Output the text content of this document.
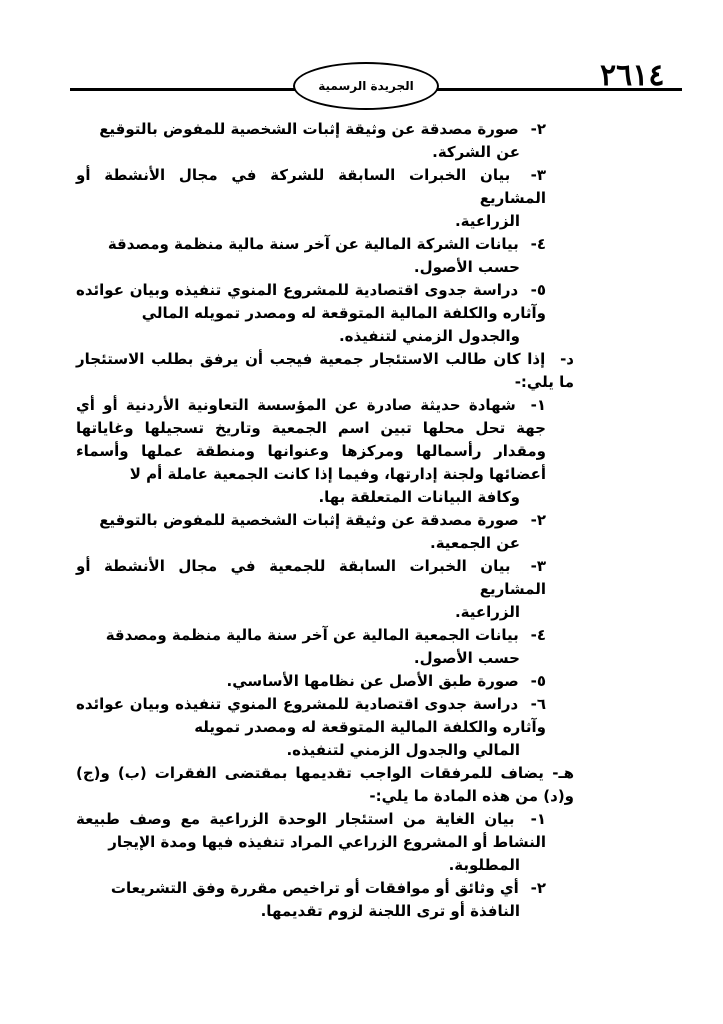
٢٦١٤
الجريدة الرسمية
٢- صورة مصدقة عن وثيقة إثبات الشخصية للمفوض بالتوقيع
عن الشركة.
٣- بيان الخبرات السابقة للشركة في مجال الأنشطة أو المشاريع
الزراعية.
٤- بيانات الشركة المالية عن آخر سنة مالية منظمة ومصدقة
حسب الأصول.
٥- دراسة جدوى اقتصادية للمشروع المنوي تنفيذه وبيان عوائده وآثاره والكلفة المالية المتوقعة له ومصدر تمويله المالي
والجدول الزمني لتنفيذه.
د- إذا كان طالب الاستئجار جمعية فيجب أن يرفق بطلب الاستئجار ما يلي:-
١- شهادة حديثة صادرة عن المؤسسة التعاونية الأردنية أو أي جهة تحل محلها تبين اسم الجمعية وتاريخ تسجيلها وغاياتها ومقدار رأسمالها ومركزها وعنوانها ومنطقة عملها وأسماء أعضائها ولجنة إدارتها، وفيما إذا كانت الجمعية عاملة أم لا
وكافة البيانات المتعلقة بها.
٢- صورة مصدقة عن وثيقة إثبات الشخصية للمفوض بالتوقيع
عن الجمعية.
٣- بيان الخبرات السابقة للجمعية في مجال الأنشطة أو المشاريع
الزراعية.
٤- بيانات الجمعية المالية عن آخر سنة مالية منظمة ومصدقة
حسب الأصول.
٥- صورة طبق الأصل عن نظامها الأساسي.
٦- دراسة جدوى اقتصادية للمشروع المنوي تنفيذه وبيان عوائده وآثاره والكلفة المالية المتوقعة له ومصدر تمويله
المالي والجدول الزمني لتنفيذه.
هـ- يضاف للمرفقات الواجب تقديمها بمقتضى الفقرات (ب) و(ج) و(د) من هذه المادة ما يلي:-
١- بيان الغاية من استئجار الوحدة الزراعية مع وصف طبيعة النشاط أو المشروع الزراعي المراد تنفيذه فيها ومدة الإيجار
المطلوبة.
٢- أي وثائق أو موافقات أو تراخيص مقررة وفق التشريعات
النافذة أو ترى اللجنة لزوم تقديمها.
